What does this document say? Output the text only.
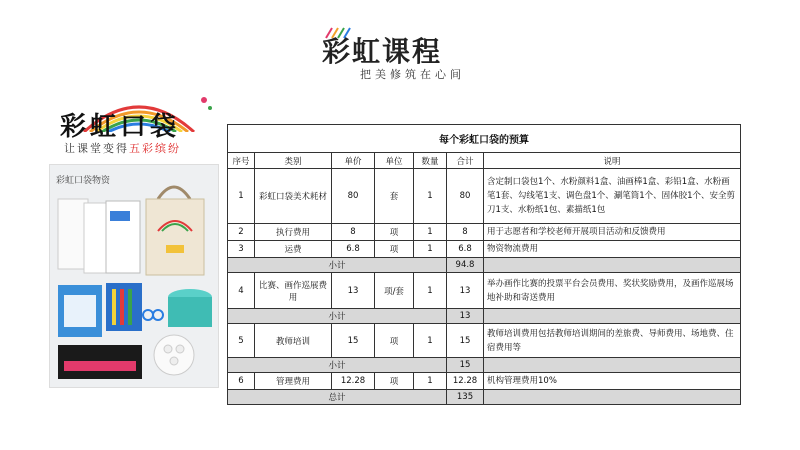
彩虹课程
把美修筑在心间
彩虹口袋
让课堂变得五彩缤纷
彩虹口袋物资
每个彩虹口袋的预算						
序号	类别	单价	单位	数量	合计	说明
1	彩虹口袋美术耗材	80	套	1	80	含定制口袋包1个、水粉颜料1盒、油画棒1盒、彩铅1盒、水粉画笔1套、勾线笔1支、调色盘1个、涮笔筒1个、固体胶1个、安全剪刀1支、水粉纸1包、素描纸1包
2	执行费用	8	项	1	8	用于志愿者和学校老师开展项目活动和反馈费用
3	运费	6.8	项	1	6.8	物资物流费用
小计					94.8	
4	比赛、画作巡展费用	13	项/套	1	13	举办画作比赛的投票平台会员费用、奖状奖励费用，及画作巡展场地补助和寄送费用
小计					13	
5	教师培训	15	项	1	15	教师培训费用包括教师培训期间的差旅费、导师费用、场地费、住宿费用等
小计					15	
6	管理费用	12.28	项	1	12.28	机构管理费用10%
总计					135	
